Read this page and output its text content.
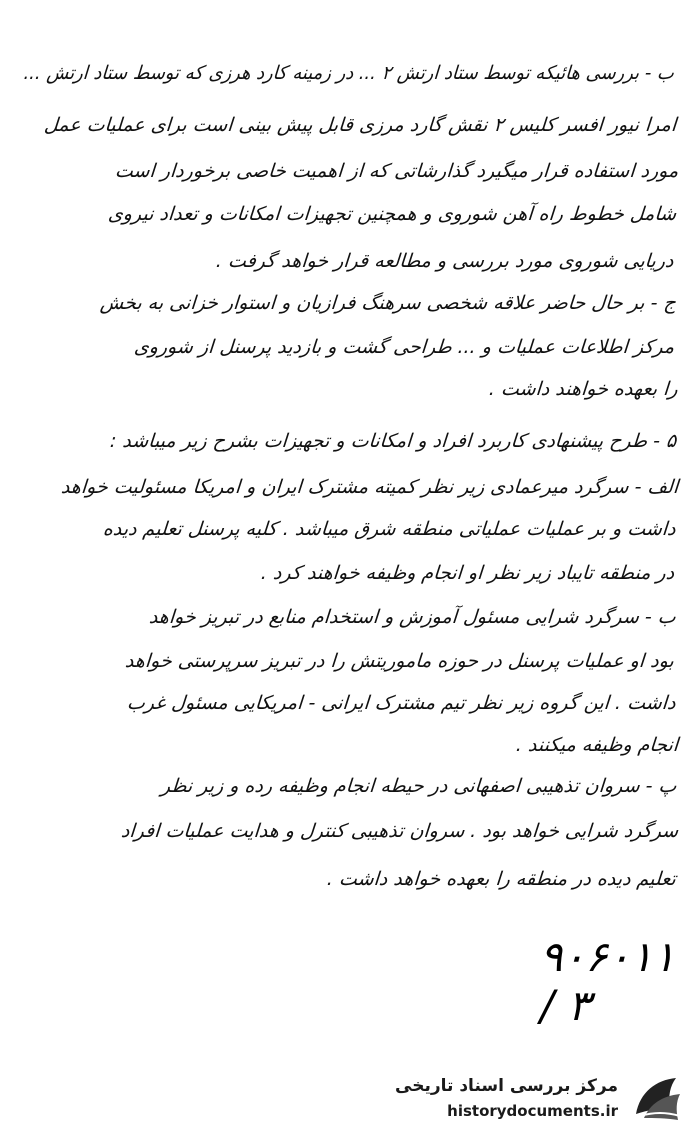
ب - بررسی هائیکه توسط ستاد ارتش ۲ ... در زمینه کارد هرزی که توسط ستاد ارتش ...
امرا نیور افسر کلیس ۲ نقش گارد مرزی قابل پیش بینی است برای عملیات عمل
مورد استفاده قرار میگیرد گذارشاتی که از اهمیت خاصی برخوردار است
شامل خطوط راه آهن شوروی و همچنین تجهیزات امکانات و تعداد نیروی
دریایی شوروی مورد بررسی و مطالعه قرار خواهد گرفت .
ج - بر حال حاضر علاقه شخصی سرهنگ فرازیان و استوار خزانی به بخش
مرکز اطلاعات عملیات و ... طراحی گشت و بازدید پرسنل از شوروی
را بعهده خواهند داشت .
۵ - طرح پیشنهادی کاربرد افراد و امکانات و تجهیزات بشرح زیر میباشد :
الف - سرگرد میرعمادی زیر نظر کمیته مشترک ایران و امریکا مسئولیت خواهد
داشت و بر عملیات عملیاتی منطقه شرق میباشد . کلیه پرسنل تعلیم دیده
در منطقه تایباد زیر نظر او انجام وظیفه خواهند کرد .
ب - سرگرد شرایی مسئول آموزش و استخدام منابع در تبریز خواهد
بود او عملیات پرسنل در حوزه ماموریتش را در تبریز سرپرستی خواهد
داشت . این گروه زیر نظر تیم مشترک ایرانی - امریکایی مسئول غرب
انجام وظیفه میکنند .
پ - سروان تذهیبی اصفهانی در حیطه انجام وظیفه رده و زیر نظر
سرگرد شرایی خواهد بود . سروان تذهیبی کنترل و هدایت عملیات افراد
تعلیم دیده در منطقه را بعهده خواهد داشت .
۹۰۶۰۱۱ / ۳
مرکز بررسی اسناد تاریخی
historydocuments.ir
